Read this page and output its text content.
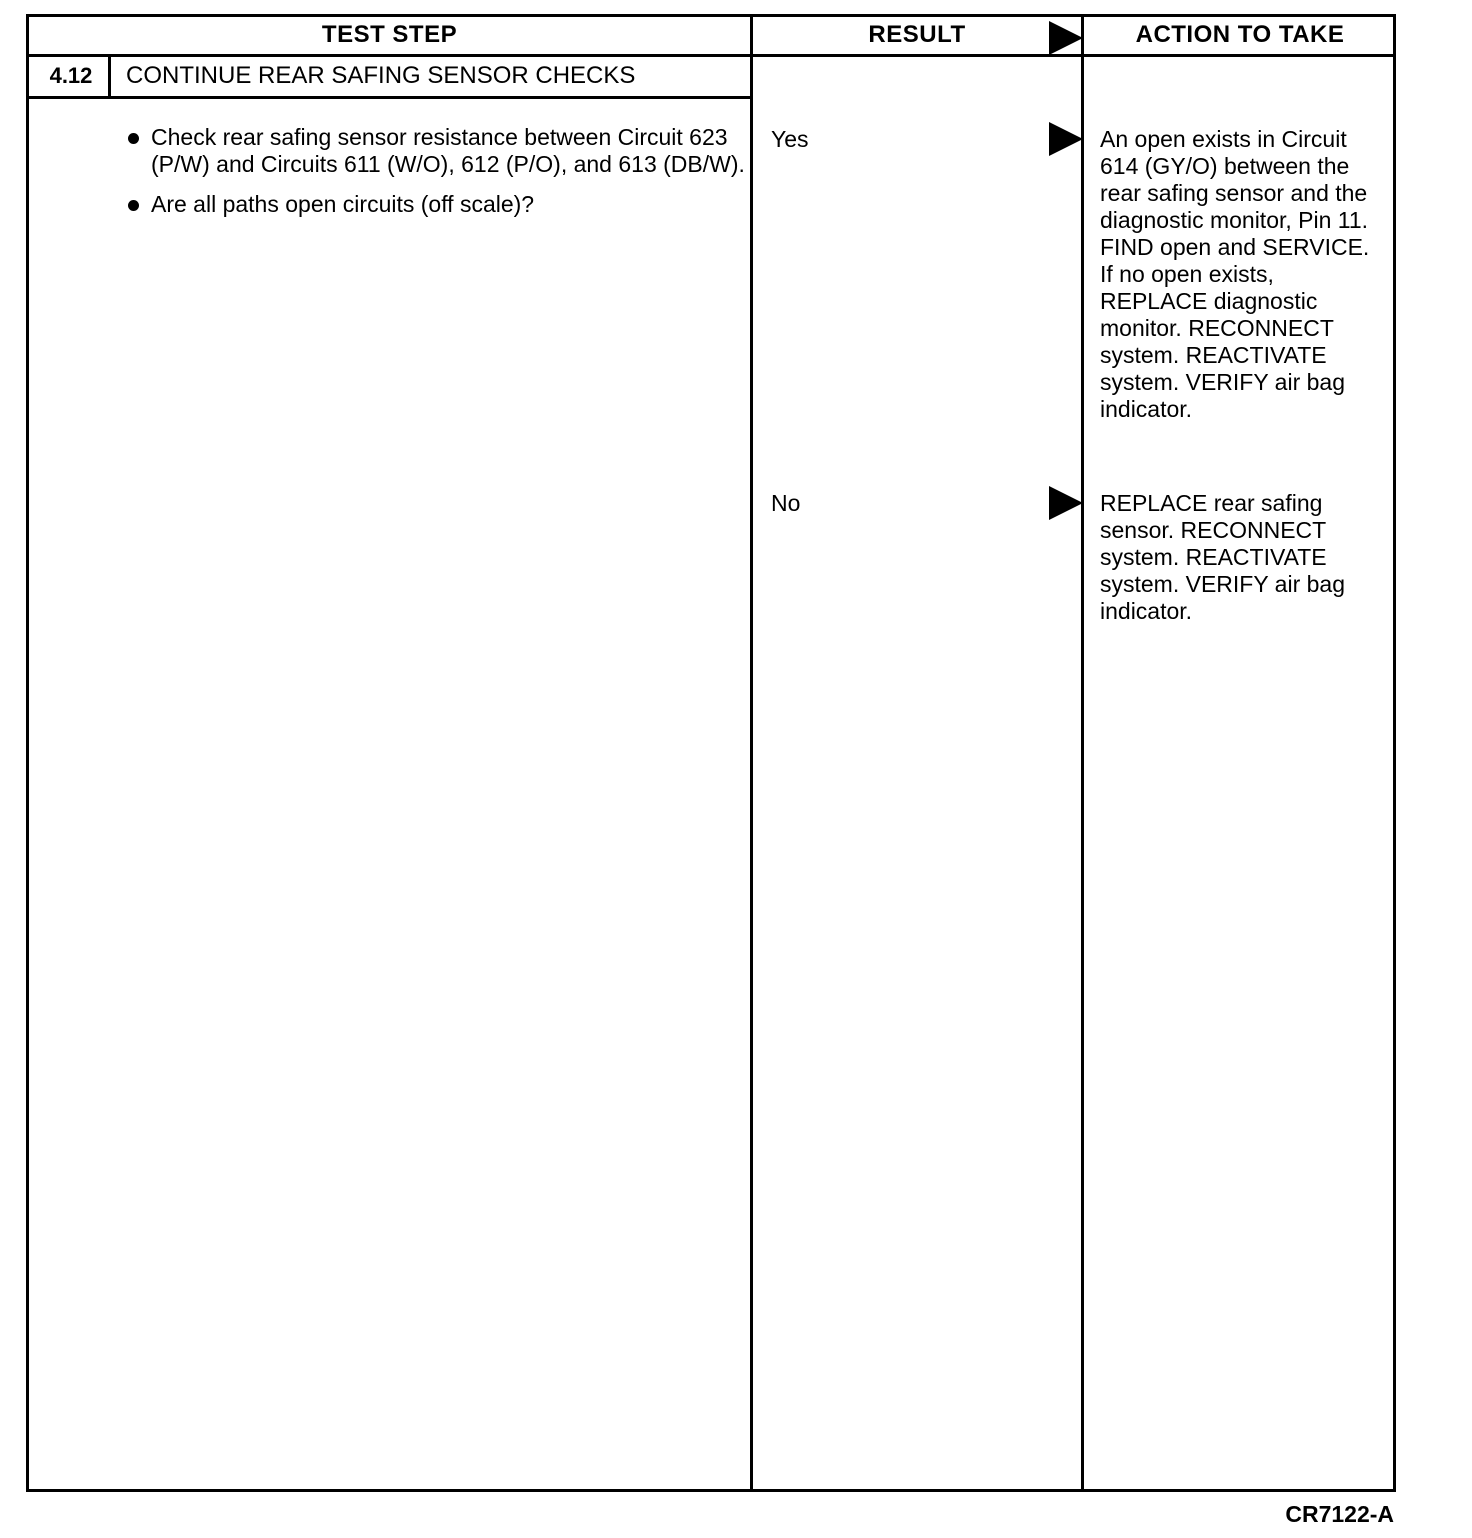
TEST STEP	RESULT	ACTION TO TAKE
4.12	CONTINUE REAR SAFING SENSOR CHECKS
Check rear safing sensor resistance between Circuit 623 (P/W) and Circuits 611 (W/O), 612 (P/O), and 613 (DB/W).
Are all paths open circuits (off scale)?
Yes	An open exists in Circuit 614 (GY/O) between the rear safing sensor and the diagnostic monitor, Pin 11. FIND open and SERVICE. If no open exists, REPLACE diagnostic monitor. RECONNECT system. REACTIVATE system. VERIFY air bag indicator.
No	REPLACE rear safing sensor. RECONNECT system. REACTIVATE system. VERIFY air bag indicator.
CR7122-A
